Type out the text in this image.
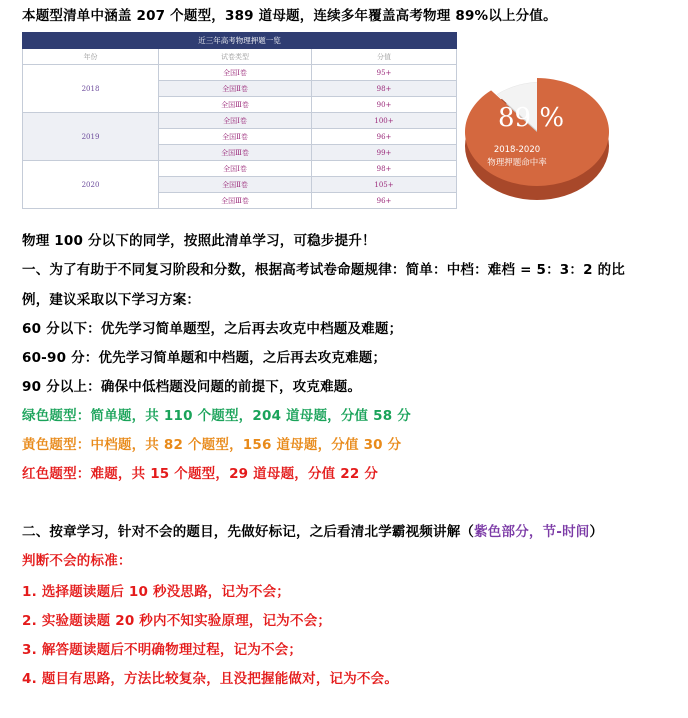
本题型清单中涵盖 207 个题型，389 道母题，连续多年覆盖高考物理 89%以上分值。
近三年高考物理押题一览		
年份	试卷类型	分值
2018	全国Ⅰ卷	95+
	全国Ⅱ卷	98+
	全国Ⅲ卷	90+
2019	全国Ⅰ卷	100+
	全国Ⅱ卷	96+
	全国Ⅲ卷	99+
2020	全国Ⅰ卷	98+
	全国Ⅱ卷	105+
	全国Ⅲ卷	96+
89 %
2018-2020
物理押题命中率
物理 100 分以下的同学，按照此清单学习，可稳步提升！
一、为了有助于不同复习阶段和分数，根据高考试卷命题规律：简单：中档：难档 = 5：3：2 的比
例，建议采取以下学习方案：
60 分以下：优先学习简单题型，之后再去攻克中档题及难题；
60-90 分：优先学习简单题和中档题，之后再去攻克难题；
90 分以上：确保中低档题没问题的前提下，攻克难题。
绿色题型：简单题，共 110 个题型，204 道母题，分值 58 分
黄色题型：中档题，共 82 个题型，156 道母题，分值 30 分
红色题型：难题，共 15 个题型，29 道母题，分值 22 分
二、按章学习，针对不会的题目，先做好标记，之后看清北学霸视频讲解（紫色部分，节-时间）
判断不会的标准：
1. 选择题读题后 10 秒没思路，记为不会；
2. 实验题读题 20 秒内不知实验原理，记为不会；
3. 解答题读题后不明确物理过程，记为不会；
4. 题目有思路，方法比较复杂，且没把握能做对，记为不会。
